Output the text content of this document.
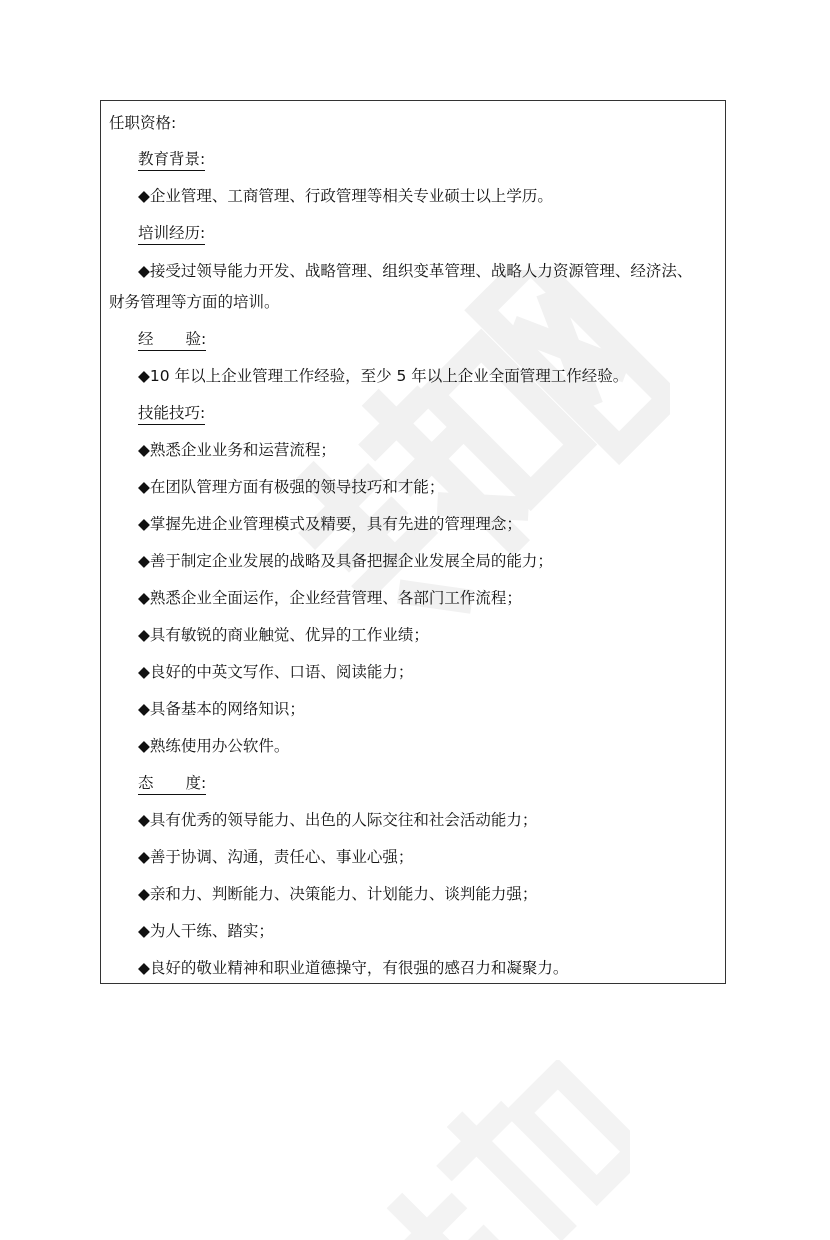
任职资格:
教育背景:
◆企业管理、工商管理、行政管理等相关专业硕士以上学历。
培训经历:
◆接受过领导能力开发、战略管理、组织变革管理、战略人力资源管理、经济法、
财务管理等方面的培训。
经 验:
◆10 年以上企业管理工作经验，至少 5 年以上企业全面管理工作经验。
技能技巧:
◆熟悉企业业务和运营流程；
◆在团队管理方面有极强的领导技巧和才能；
◆掌握先进企业管理模式及精要，具有先进的管理理念；
◆善于制定企业发展的战略及具备把握企业发展全局的能力；
◆熟悉企业全面运作，企业经营管理、各部门工作流程；
◆具有敏锐的商业触觉、优异的工作业绩；
◆良好的中英文写作、口语、阅读能力；
◆具备基本的网络知识；
◆熟练使用办公软件。
态 度:
◆具有优秀的领导能力、出色的人际交往和社会活动能力；
◆善于协调、沟通，责任心、事业心强；
◆亲和力、判断能力、决策能力、计划能力、谈判能力强；
◆为人干练、踏实；
◆良好的敬业精神和职业道德操守，有很强的感召力和凝聚力。
